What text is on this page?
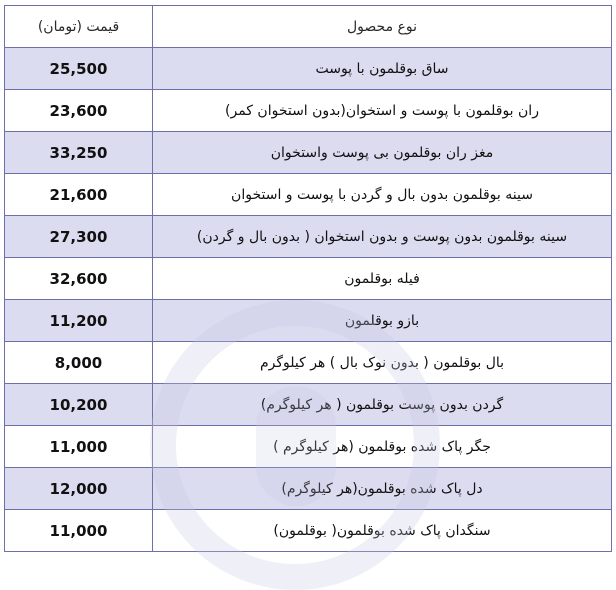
قیمت (تومان)	نوع محصول
25,500	ساق بوقلمون با پوست
23,600	ران بوقلمون با پوست و استخوان(بدون استخوان کمر)
33,250	مغز ران بوقلمون بی پوست واستخوان
21,600	سینه بوقلمون بدون بال و گردن با پوست و استخوان
27,300	سینه بوقلمون بدون پوست و بدون استخوان ( بدون بال و گردن)
32,600	فیله بوقلمون
11,200	بازو بوقلمون
8,000	بال بوقلمون ( بدون نوک بال ) هر کیلوگرم
10,200	گردن بدون پوست بوقلمون ( هر کیلوگرم)
11,000	جگر پاک شده بوقلمون (هر کیلوگرم )
12,000	دل پاک شده بوقلمون(هر کیلوگرم)
11,000	سنگدان پاک شده بوقلمون( بوقلمون)
